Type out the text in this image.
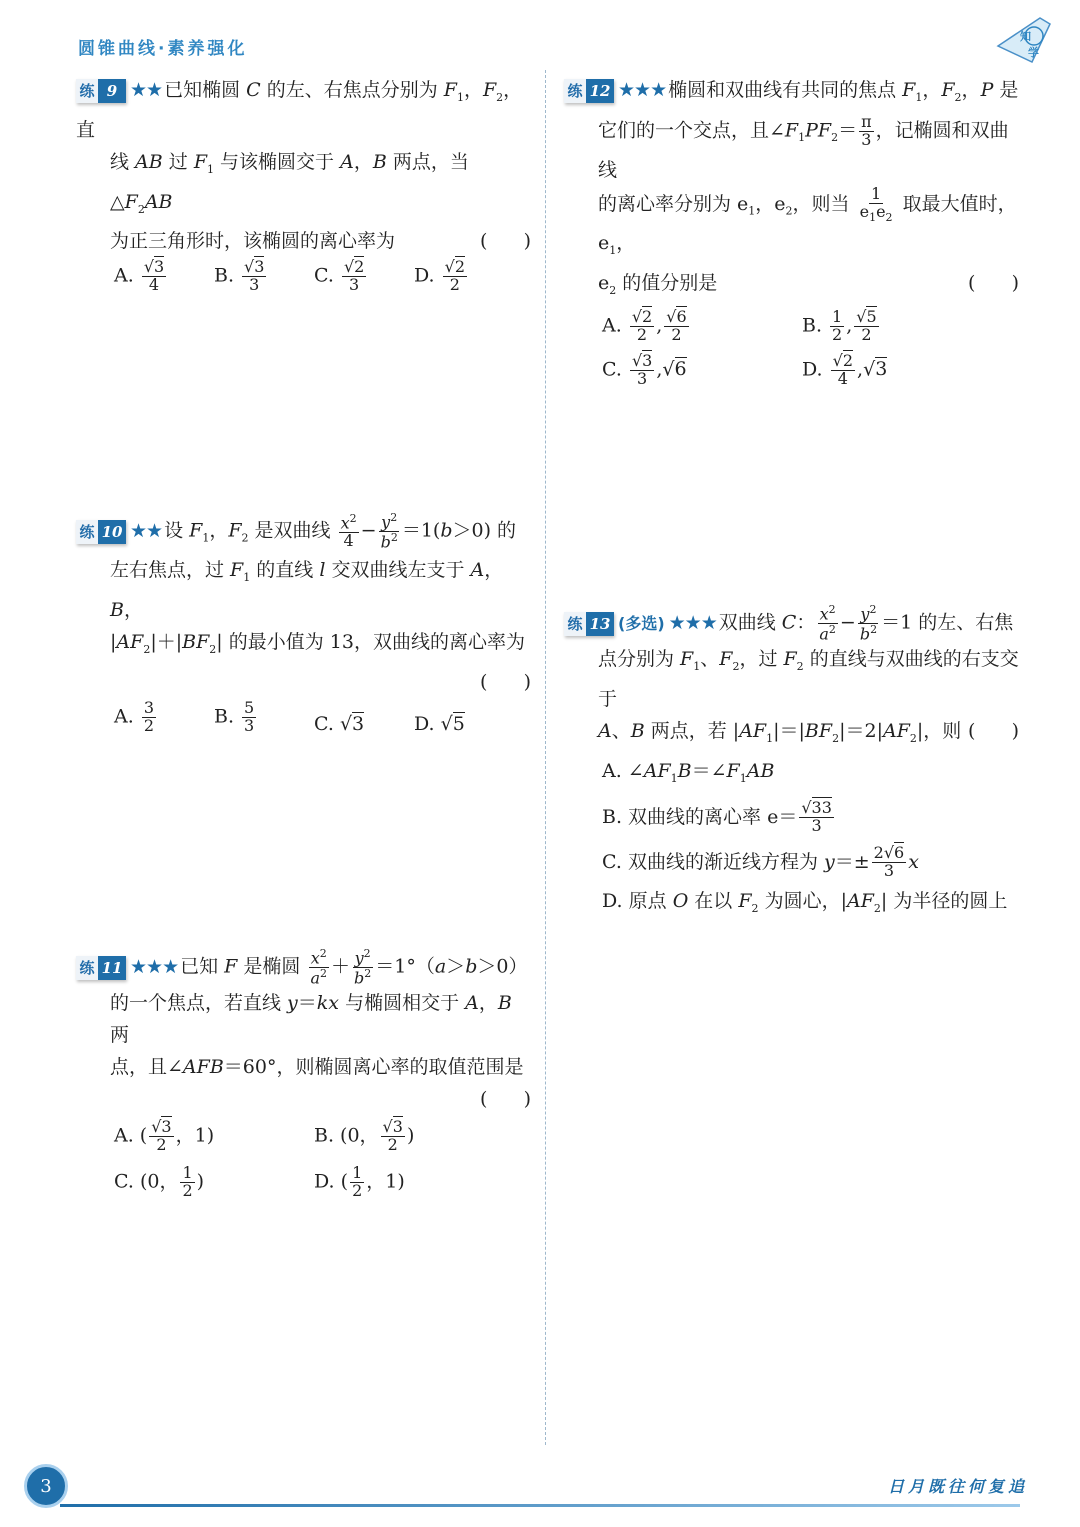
圆锥曲线·素养强化
知
学

练 9 ★★ 已知椭圆 C 的左、右焦点分别为 $F_1$，$F_2$，直

线 AB 过 $F_1$ 与该椭圆交于 A，B 两点，当$\triangle F_2AB$

为正三角形时，该椭圆的离心率为	(      )

A. $\frac{√3}{4}$	B. $\frac{√3}{3}$	C. $\frac{√2}{3}$	D. $\frac{√2}{2}$

练 10 ★★ 设 $F_1$，$F_2$ 是双曲线 $\frac{x^2}{4} - \frac{y^2}{b^2} =1(b>0)$ 的

左右焦点，过 $F_1$ 的直线 l 交双曲线左支于 A，B，

$|AF_2|+|BF_2|$ 的最小值为 13，双曲线的离心率为

(      )

A. $\frac{3}{2}$	B. $\frac{5}{3}$	C. √3	D. √5

练 11 ★★★ 已知 F 是椭圆 $\frac{x^2}{a^2} + \frac{y^2}{b^2} =1^\circ(a>b>0)$

的一个焦点，若直线 y＝kx 与椭圆相交于 A，B 两

点，且∠AFB＝60°，则椭圆离心率的取值范围是

(      )

A. ( $\frac{√3}{2}$ ，1)	B. (0， $\frac{√3}{2}$ )
C. (0， $\frac{1}{2}$ )	D. ( $\frac{1}{2}$ ，1)

练 12 ★★★ 椭圆和双曲线有共同的焦点 $F_1$，$F_2$，P 是

它们的一个交点，且$\angle F_1PF_2= \frac{\pi}{3}$ ，记椭圆和双曲线

的离心率分别为 $e_1$，$e_2$，则当 $\frac{1}{e_1e_2}$ 取最大值时，$e_1$，

$e_2$ 的值分别是	(      )

A. $\frac{√2}{2}$ , $\frac{√6}{2}$	B. $\frac{1}{2}$ , $\frac{√5}{2}$
C. $\frac{√3}{3} ,√6$	D. $\frac{√2}{4} ,√3$

练 13 (多选) ★★★ 双曲线 C： $\frac{x^2}{a^2} - \frac{y^2}{b^2} =1$ 的左、右焦

点分别为 $F_1$、$F_2$，过 $F_2$ 的直线与双曲线的右支交于

A、B 两点，若 $|AF_1|=|BF_2|=2|AF_2|$，则 (      )

A. $\angle AF_1B=\angle F_1AB$

B. 双曲线的离心率 $e= \frac{√33}{3}$

C. 双曲线的渐近线方程为 $y=\pm \frac{2√6}{3}$ x

D. 原点 O 在以 $F_2$ 为圆心，$|AF_2|$ 为半径的圆上

3	日月既往何复追
